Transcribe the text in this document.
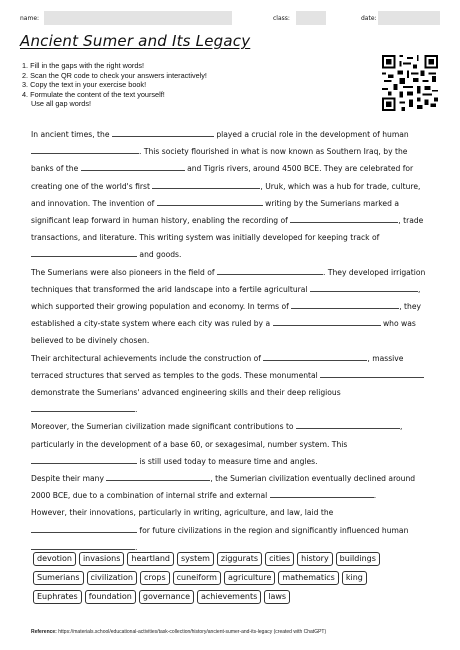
name:	class:	date:
Ancient Sumer and Its Legacy
1. Fill in the gaps with the right words!
2. Scan the QR code to check your answers interactively!
3. Copy the text in your exercise book!
4. Formulate the content of the text yourself!
Use all gap words!

In ancient times, the	played a crucial role in the development of human . This society flourished in what is now known as Southern Iraq, by the banks of the	and Tigris rivers, around 4500 BCE. They are celebrated for creating one of the world's first	, Uruk, which was a hub for trade, culture, and innovation. The invention of	writing by the Sumerians marked a significant leap forward in human history, enabling the recording of	, trade transactions, and literature. This writing system was initially developed for keeping track of  and goods.

The Sumerians were also pioneers in the field of	. They developed irrigation techniques that transformed the arid landscape into a fertile agricultural	, which supported their growing population and economy. In terms of	, they established a city-state system where each city was ruled by a	who was believed to be divinely chosen.

Their architectural achievements include the construction of	, massive terraced structures that served as temples to the gods. These monumental  demonstrate the Sumerians' advanced engineering skills and their deep religious .

Moreover, the Sumerian civilization made significant contributions to	, particularly in the development of a base 60, or sexagesimal, number system. This  is still used today to measure time and angles.

Despite their many	, the Sumerian civilization eventually declined around 2000 BCE, due to a combination of internal strife and external	.

However, their innovations, particularly in writing, agriculture, and law, laid the  for future civilizations in the region and significantly influenced human .

devotion	invasions	heartland	system	ziggurats	cities	history	buildings
Sumerians	civilization	crops	cuneiform	agriculture	mathematics	king
Euphrates	foundation	governance	achievements	laws
Reference: https://materials.school/educational-activities/task-collection/history/ancient-sumer-and-its-legacy (created with ChatGPT)
